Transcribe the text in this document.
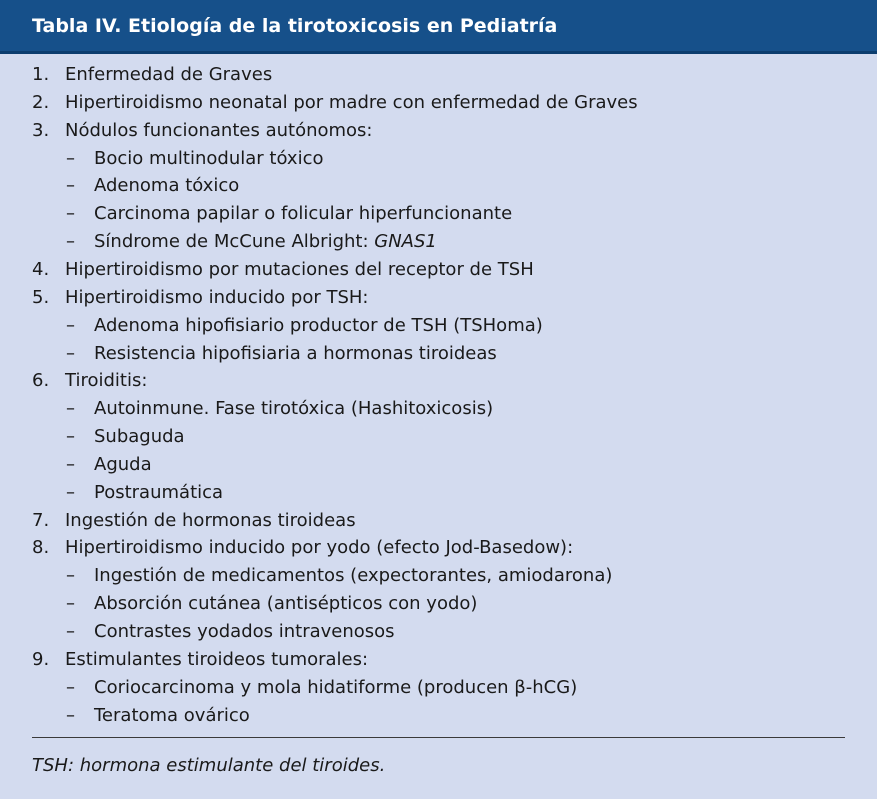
Tabla IV. Etiología de la tirotoxicosis en Pediatría
1. Enfermedad de Graves
2. Hipertiroidismo neonatal por madre con enfermedad de Graves
3. Nódulos funcionantes autónomos:
– Bocio multinodular tóxico
– Adenoma tóxico
– Carcinoma papilar o folicular hiperfuncionante
– Síndrome de McCune Albright: GNAS1
4. Hipertiroidismo por mutaciones del receptor de TSH
5. Hipertiroidismo inducido por TSH:
– Adenoma hipofisiario productor de TSH (TSHoma)
– Resistencia hipofisiaria a hormonas tiroideas
6. Tiroiditis:
– Autoinmune. Fase tirotóxica (Hashitoxicosis)
– Subaguda
– Aguda
– Postraumática
7. Ingestión de hormonas tiroideas
8. Hipertiroidismo inducido por yodo (efecto Jod-Basedow):
– Ingestión de medicamentos (expectorantes, amiodarona)
– Absorción cutánea (antisépticos con yodo)
– Contrastes yodados intravenosos
9. Estimulantes tiroideos tumorales:
– Coriocarcinoma y mola hidatiforme (producen β-hCG)
– Teratoma ovárico
TSH: hormona estimulante del tiroides.
